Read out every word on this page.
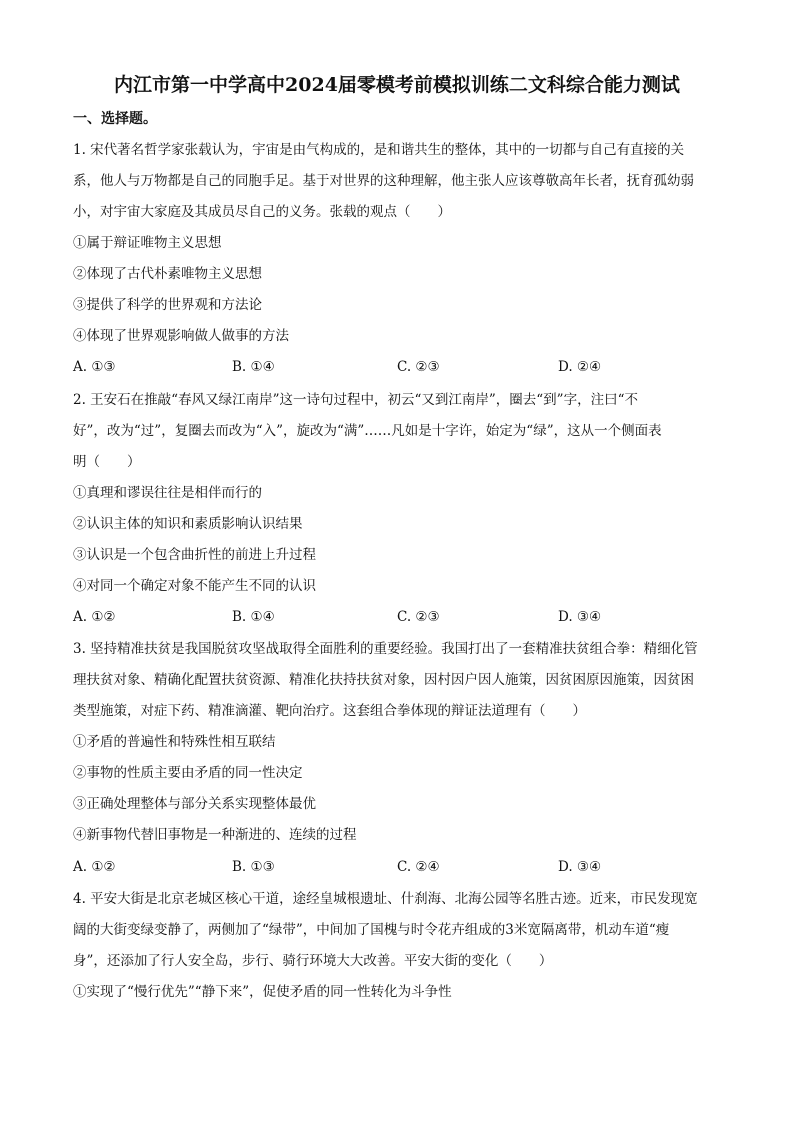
内江市第一中学高中2024届零模考前模拟训练二文科综合能力测试
一、选择题。
1. 宋代著名哲学家张载认为，宇宙是由气构成的，是和谐共生的整体，其中的一切都与自己有直接的关
系，他人与万物都是自己的同胞手足。基于对世界的这种理解，他主张人应该尊敬高年长者，抚育孤幼弱
小，对宇宙大家庭及其成员尽自己的义务。张载的观点（　　）
①属于辩证唯物主义思想
②体现了古代朴素唯物主义思想
③提供了科学的世界观和方法论
④体现了世界观影响做人做事的方法
A. ①③	B. ①④	C. ②③	D. ②④
2. 王安石在推敲“春风又绿江南岸”这一诗句过程中，初云“又到江南岸”，圈去“到”字，注曰“不
好”，改为“过”，复圈去而改为“入”，旋改为“满”……凡如是十字许，始定为“绿”，这从一个侧面表
明（　　）
①真理和谬误往往是相伴而行的
②认识主体的知识和素质影响认识结果
③认识是一个包含曲折性的前进上升过程
④对同一个确定对象不能产生不同的认识
A. ①②	B. ①④	C. ②③	D. ③④
3. 坚持精准扶贫是我国脱贫攻坚战取得全面胜利的重要经验。我国打出了一套精准扶贫组合拳：精细化管
理扶贫对象、精确化配置扶贫资源、精准化扶持扶贫对象，因村因户因人施策，因贫困原因施策，因贫困
类型施策，对症下药、精准滴灌、靶向治疗。这套组合拳体现的辩证法道理有（　　）
①矛盾的普遍性和特殊性相互联结
②事物的性质主要由矛盾的同一性决定
③正确处理整体与部分关系实现整体最优
④新事物代替旧事物是一种渐进的、连续的过程
A. ①②	B. ①③	C. ②④	D. ③④
4. 平安大街是北京老城区核心干道，途经皇城根遗址、什刹海、北海公园等名胜古迹。近来，市民发现宽
阔的大街变绿变静了，两侧加了“绿带”，中间加了国槐与时令花卉组成的3米宽隔离带，机动车道“瘦
身”，还添加了行人安全岛，步行、骑行环境大大改善。平安大街的变化（　　）
①实现了“慢行优先”“静下来”，促使矛盾的同一性转化为斗争性
